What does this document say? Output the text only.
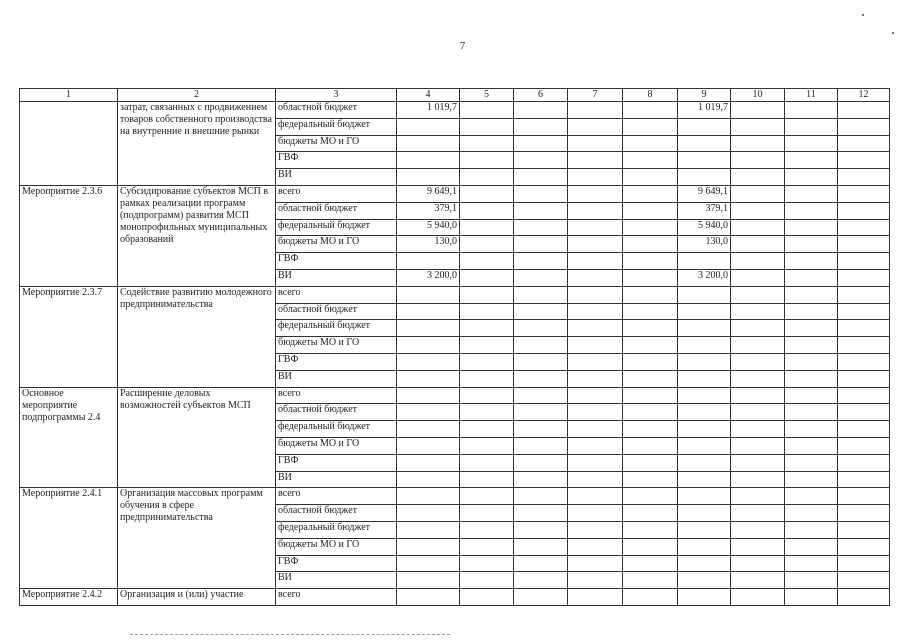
7
1	2	3	4	5	6	7	8	9	10	11	12
	затрат, связанных с продвижением товаров собственного производства на внутренние и внешние рынки	областной бюджет	1 019,7					1 019,7			
		федеральный бюджет									
		бюджеты МО и ГО									
		ГВФ									
		ВИ									
Мероприятие 2.3.6	Субсидирование субъектов МСП в рамках реализации программ (подпрограмм) развития МСП монопрофильных муниципальных образований	всего	9 649,1					9 649,1			
		областной бюджет	379,1					379,1			
		федеральный бюджет	5 940,0					5 940,0			
		бюджеты МО и ГО	130,0					130,0			
		ГВФ									
		ВИ	3 200,0					3 200,0			
Мероприятие 2.3.7	Содействие развитию молодежного предпринимательства	всего									
		областной бюджет									
		федеральный бюджет									
		бюджеты МО и ГО									
		ГВФ									
		ВИ									
Основное мероприятие подпрограммы 2.4	Расширение деловых возможностей субъектов МСП	всего									
		областной бюджет									
		федеральный бюджет									
		бюджеты МО и ГО									
		ГВФ									
		ВИ									
Мероприятие 2.4.1	Организация массовых программ обучения в сфере предпринимательства	всего									
		областной бюджет									
		федеральный бюджет									
		бюджеты МО и ГО									
		ГВФ									
		ВИ									
Мероприятие 2.4.2	Организация и (или) участие	всего									
